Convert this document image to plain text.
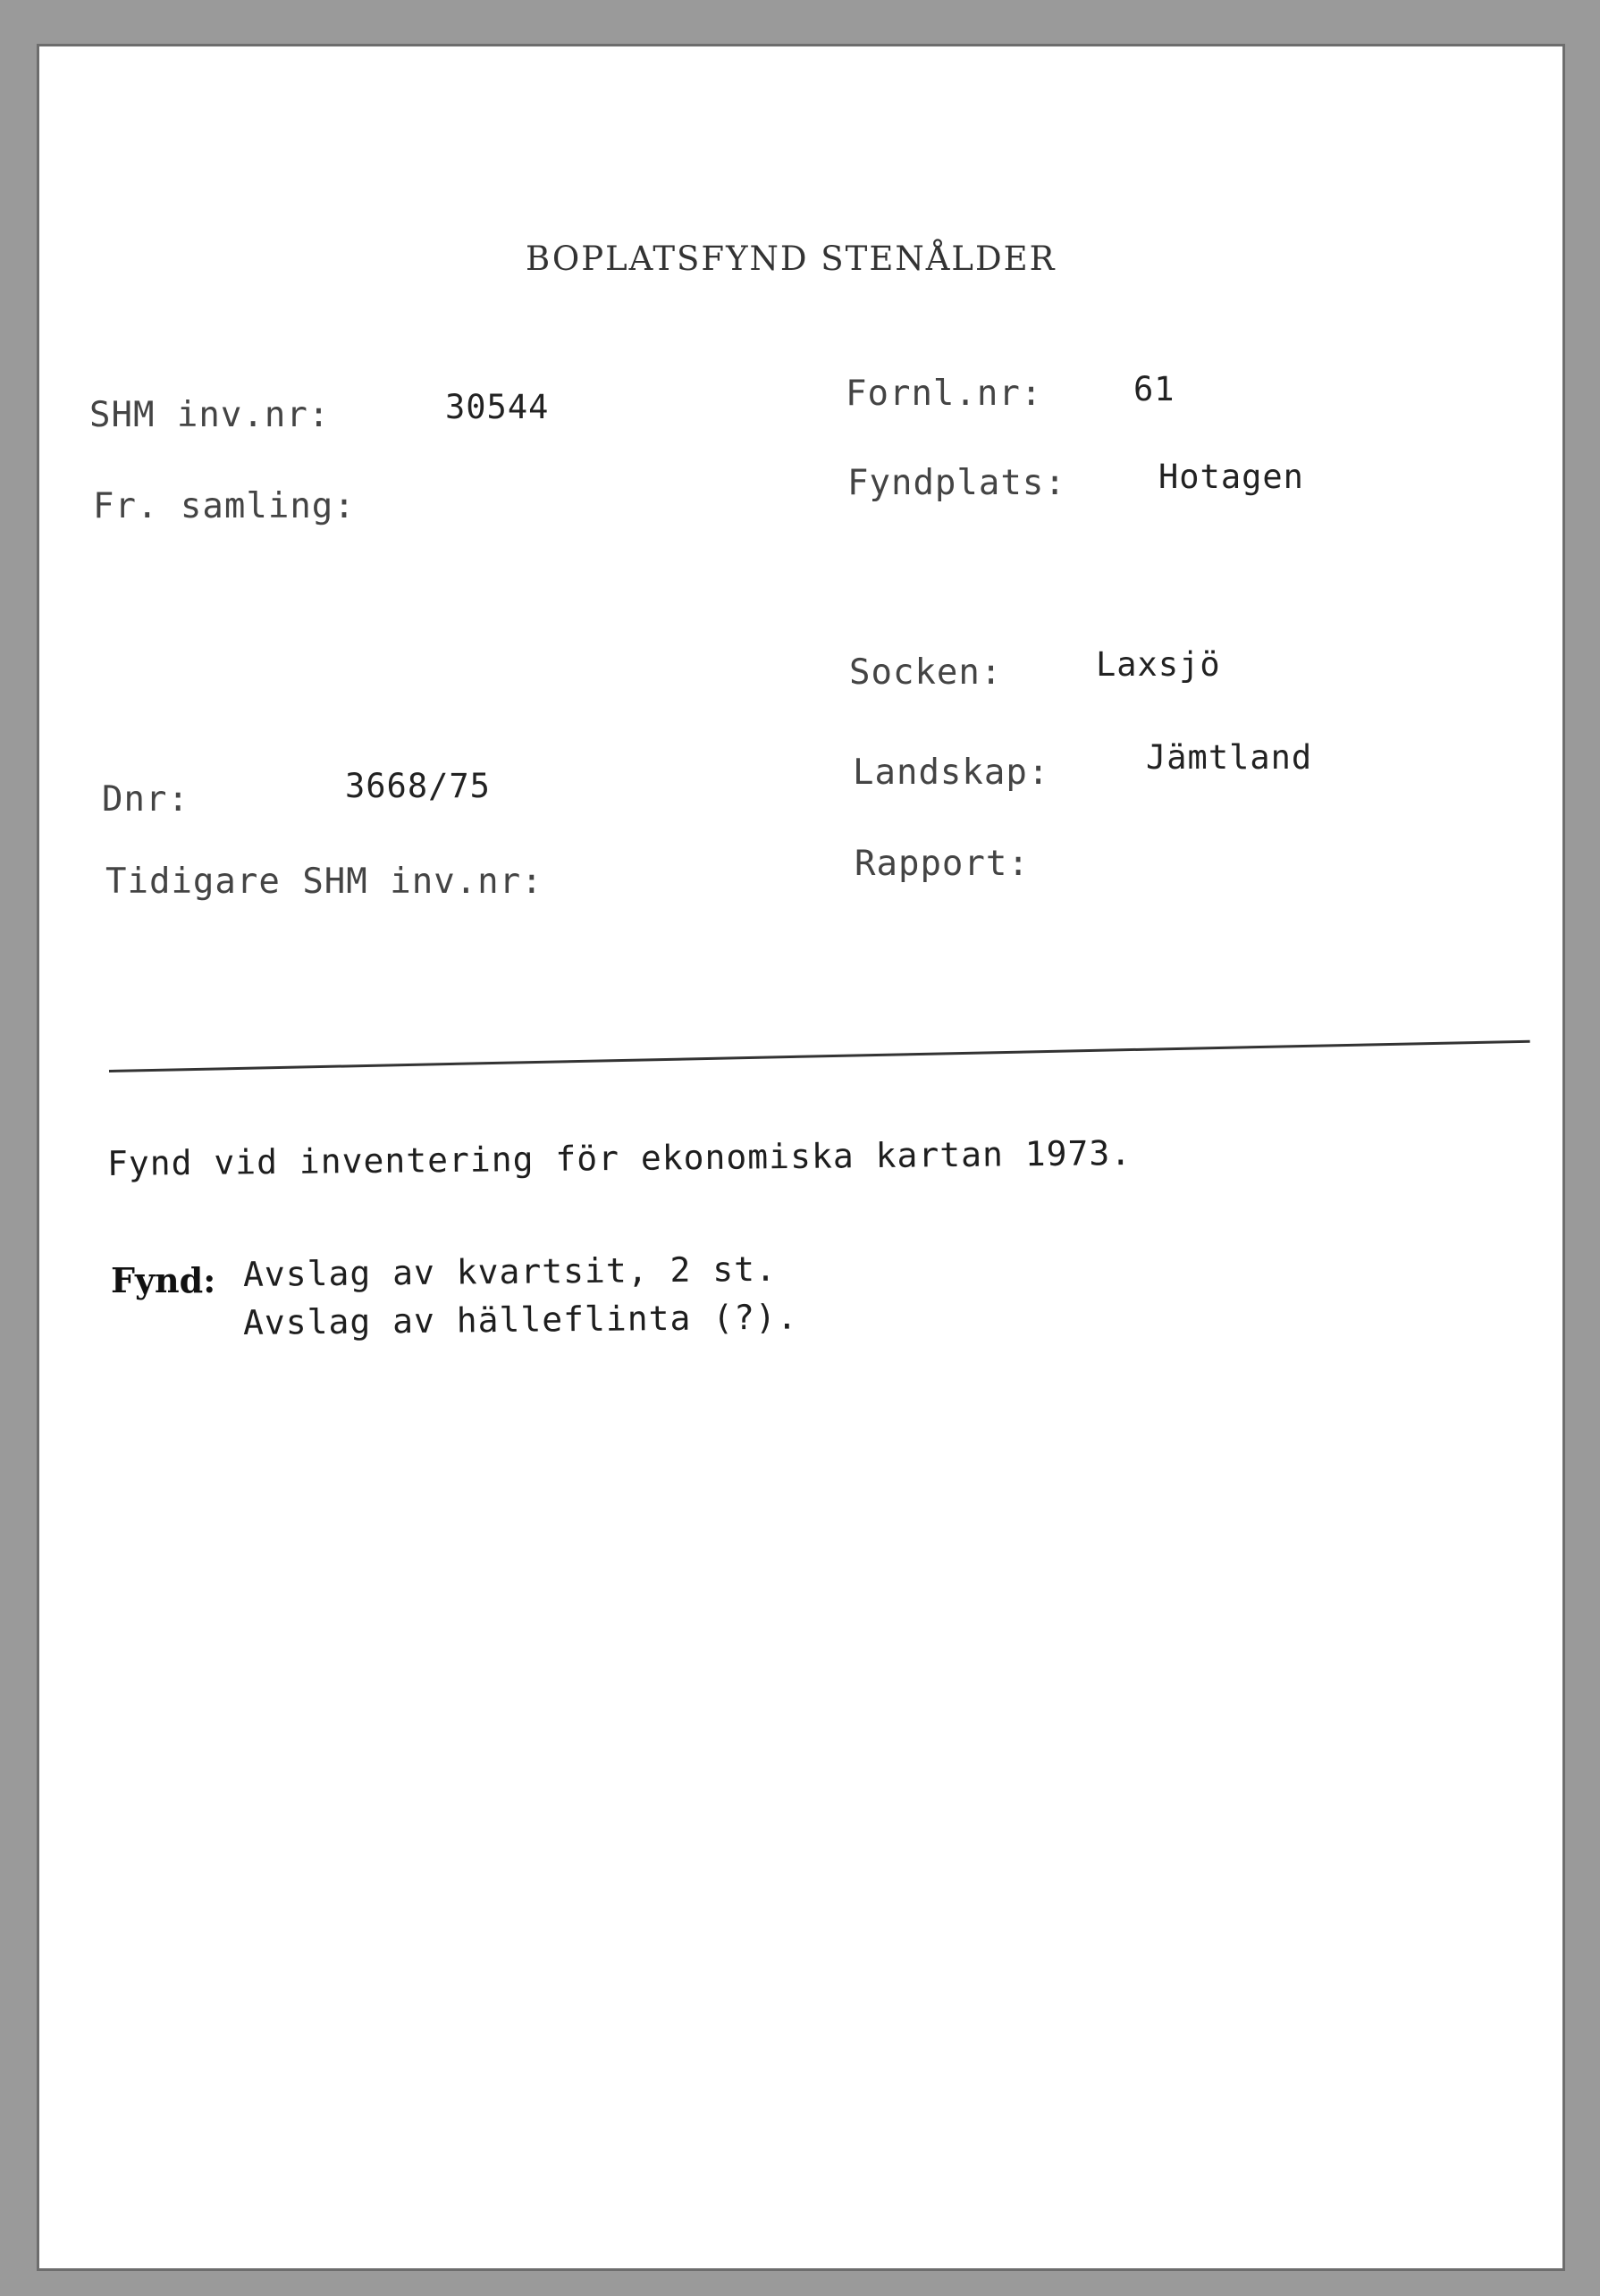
BOPLATSFYND STENÅLDER
SHM inv.nr:	30544
Fr. samling:
Dnr:	3668/75
Tidigare SHM inv.nr:
Fornl.nr:	61
Fyndplats:	Hotagen
Socken:	Laxsjö
Landskap:	Jämtland
Rapport:
Fynd vid inventering för ekonomiska kartan 1973.
Fynd: Avslag av kvartsit, 2 st.
Avslag av hälleflinta (?).
